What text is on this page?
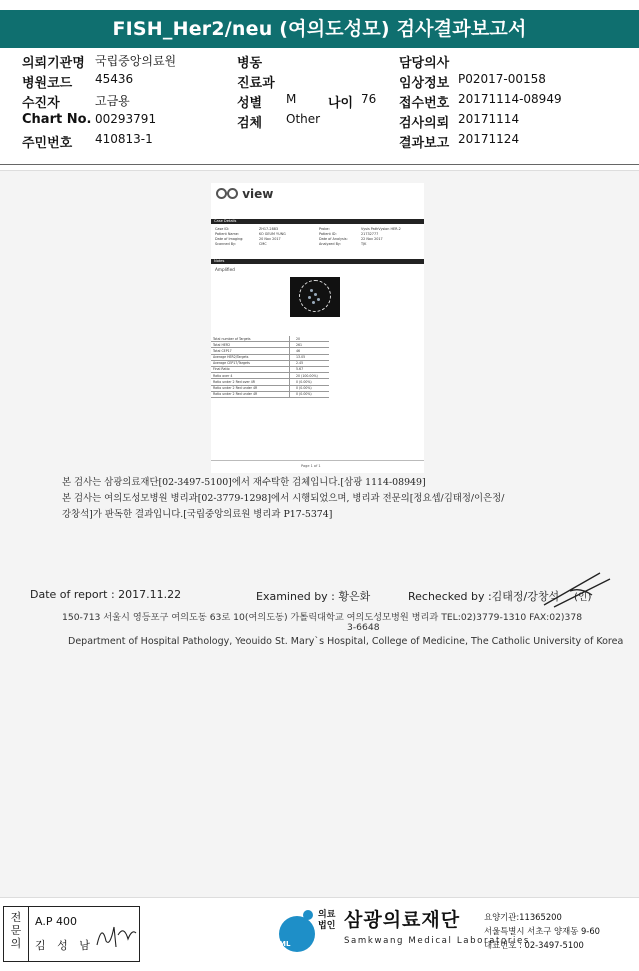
FISH_Her2/neu (여의도성모) 검사결과보고서
의뢰기관명 국립중앙의료원	병동	담당의사
병원코드 45436	진료과	임상정보 P02017-00158
수진자	고금용	성별 M 나이 76 접수번호 20171114-08949
Chart No. 00293791	검체 Other	검사의뢰 20171114
주민번호 410813-1	결과보고 20171124
view
Case Details
Case ID:	ZH17-2883	Probe:	Vysis PathVysion HER-2
Patient Name:	KO GEUM YUNG	Patient ID:	21732777
Date of Imaging:	20 Nov 2017	Date of Analysis:	22 Nov 2017
Scanned By:	CMC	Analyzed By:	TJK
Notes
Amplified
Total number of Targets	20
Total HER2	261
Total CEP17	46
Average HER2/Targets	13.05
Average CEP17/Targets	2.45
Final Ratio	5.67
Ratio over 4	20 (100.00%)
Ratio under 2 Red over 4R	0 (0.00%)
Ratio under 2 Red under 4R	0 (0.00%)
Ratio under 2 Red under 4R	0 (0.00%)
Page 1 of 1
본 검사는 삼광의료재단[02-3497-5100]에서 재수탁한 검체입니다.[삼광 1114-08949]
본 검사는 여의도성모병원 병리과[02-3779-1298]에서 시행되었으며, 병리과 전문의[정요셉/김태정/이은정/
강창석]가 판독한 결과입니다.[국립중앙의료원 병리과 P17-5374]
Date of report : 2017.11.22	Examined by : 황은화	Rechecked by :김태정/강창석 (인)
150-713 서울시 영등포구 여의도동 63로 10(여의도동) 가톨릭대학교 여의도성모병원 병리과 TEL:02)3779-1310 FAX:02)378
3-6648
Department of Hospital Pathology, Yeouido St. Mary`s Hospital, College of Medicine, The Catholic University of Korea
전문의
A.P 400
김 성 남	SML
의료
법인 삼광의료재단
Samkwang Medical Laboratories
요양기관:11365200
서울특별시 서초구 양재동 9-60
대표번호 : 02-3497-5100
